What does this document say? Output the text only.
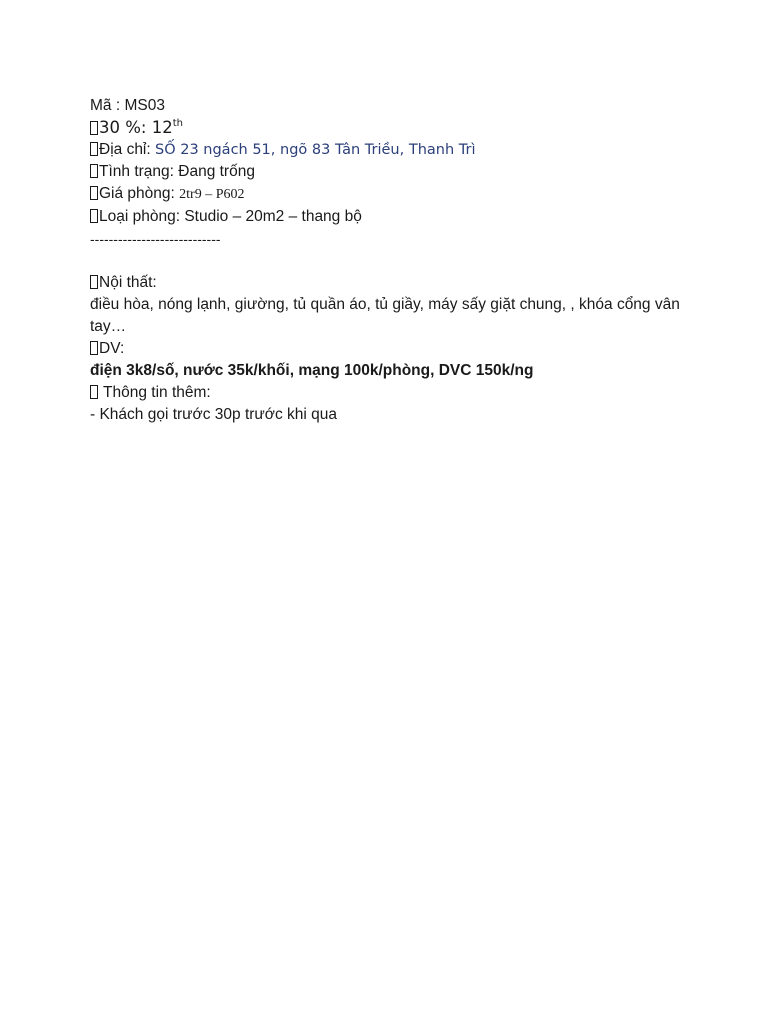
Mã : MS03
30 %: 12th
Địa chỉ: SỐ 23 ngách 51, ngõ 83 Tân Triều, Thanh Trì
Tình trạng: Đang trống
Giá phòng: 2tr9 – P602
Loại phòng: Studio – 20m2 – thang bộ
----------------------------
Nội thất:
điều hòa, nóng lạnh, giường, tủ quần áo, tủ giầy, máy sấy giặt chung, , khóa cổng vân tay…
DV:
điện 3k8/số, nước 35k/khối, mạng 100k/phòng, DVC 150k/ng
Thông tin thêm:
- Khách gọi trước 30p trước khi qua
